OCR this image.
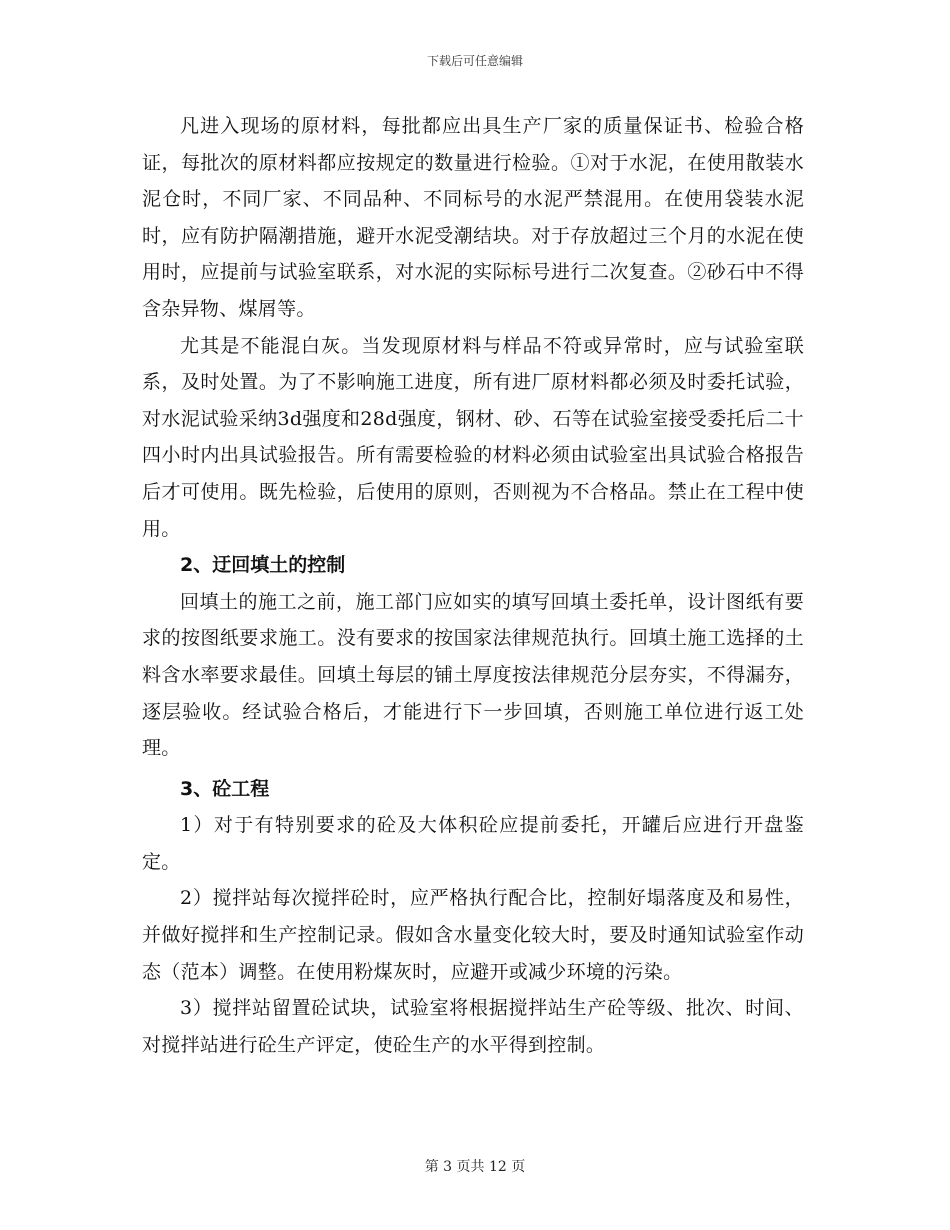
下载后可任意编辑

凡进入现场的原材料，每批都应出具生产厂家的质量保证书、检验合格证，每批次的原材料都应按规定的数量进行检验。①对于水泥，在使用散装水泥仓时，不同厂家、不同品种、不同标号的水泥严禁混用。在使用袋装水泥时，应有防护隔潮措施，避开水泥受潮结块。对于存放超过三个月的水泥在使用时，应提前与试验室联系，对水泥的实际标号进行二次复查。②砂石中不得含杂异物、煤屑等。

尤其是不能混白灰。当发现原材料与样品不符或异常时，应与试验室联系，及时处置。为了不影响施工进度，所有进厂原材料都必须及时委托试验，对水泥试验采纳3d强度和28d强度，钢材、砂、石等在试验室接受委托后二十四小时内出具试验报告。所有需要检验的材料必须由试验室出具试验合格报告后才可使用。既先检验，后使用的原则，否则视为不合格品。禁止在工程中使用。

2、迂回填土的控制

回填土的施工之前，施工部门应如实的填写回填土委托单，设计图纸有要求的按图纸要求施工。没有要求的按国家法律规范执行。回填土施工选择的土料含水率要求最佳。回填土每层的铺土厚度按法律规范分层夯实，不得漏夯，逐层验收。经试验合格后，才能进行下一步回填，否则施工单位进行返工处理。

3、砼工程

1）对于有特别要求的砼及大体积砼应提前委托，开罐后应进行开盘鉴定。

2）搅拌站每次搅拌砼时，应严格执行配合比，控制好塌落度及和易性，并做好搅拌和生产控制记录。假如含水量变化较大时，要及时通知试验室作动态（范本）调整。在使用粉煤灰时，应避开或减少环境的污染。

3）搅拌站留置砼试块，试验室将根据搅拌站生产砼等级、批次、时间、对搅拌站进行砼生产评定，使砼生产的水平得到控制。

第 3 页共 12 页
